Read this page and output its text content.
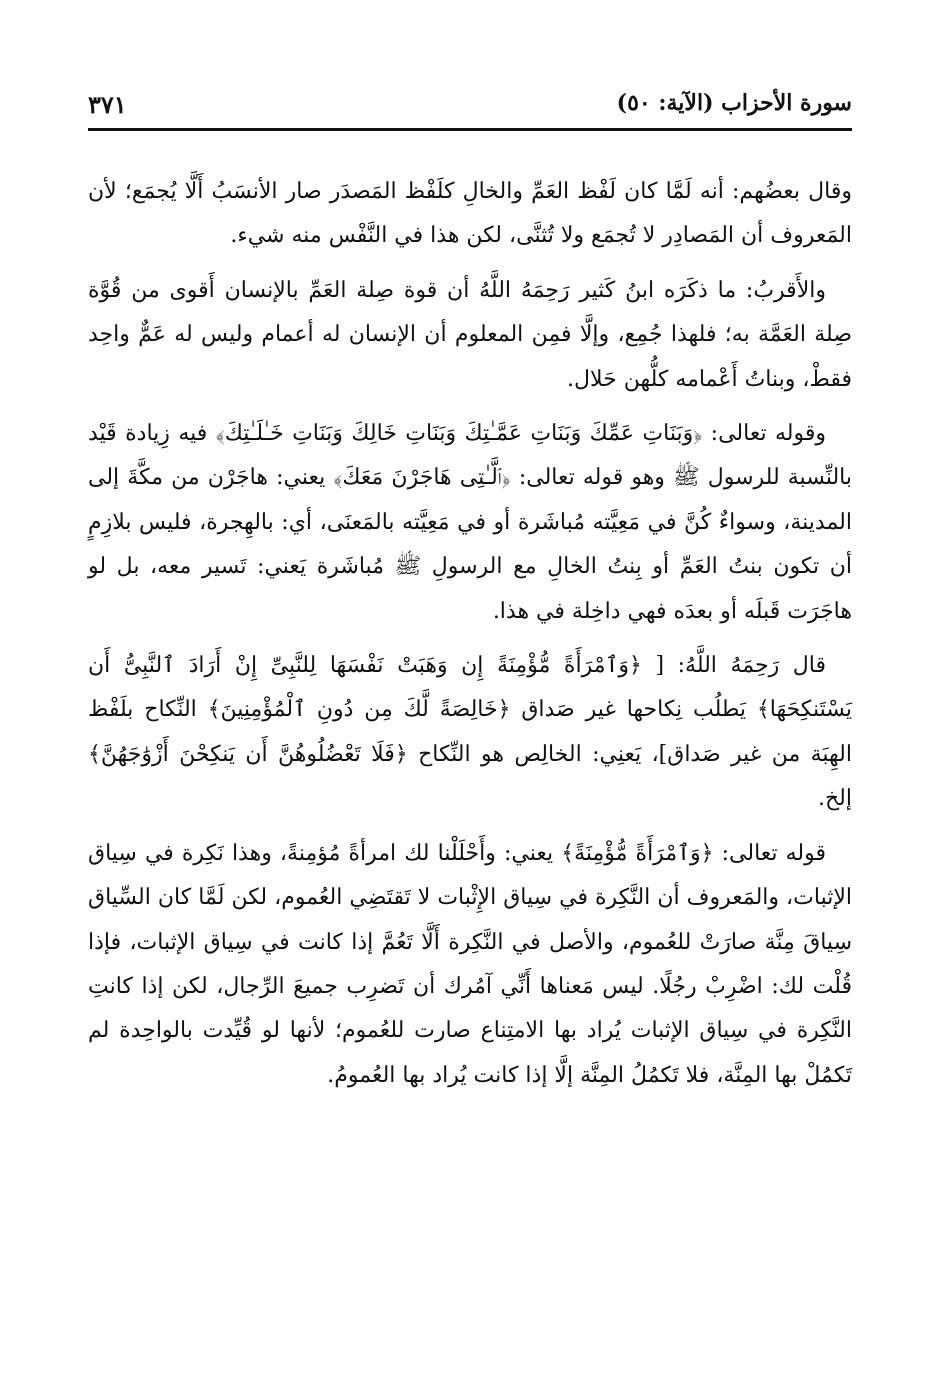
سورة الأحزاب (الآية: ٥٠)
٣٧١

وقال بعضُهم: أنه لَمَّا كان لَفْظ العَمِّ والخالِ كلَفْظ المَصدَر صار الأنسَبُ أَلَّا يُجمَع؛ لأن المَعروف أن المَصادِر لا تُجمَع ولا تُثنَّى، لكن هذا في النَّفْس منه شيء.

والأَقربُ: ما ذكَرَه ابنُ كَثير رَحِمَهُ اللَّهُ أن قوة صِلة العَمِّ بالإنسان أَقوى من قُوَّة صِلة العَمَّة به؛ فلهذا جُمِع، وإلَّا فمِن المعلوم أن الإنسان له أعمام وليس له عَمٌّ واحِد فقطْ، وبناتُ أَعْمامه كلُّهن حَلال.

وقوله تعالى: ﴿وَبَنَاتِ عَمِّكَ وَبَنَاتِ عَمَّـٰتِكَ وَبَنَاتِ خَالِكَ وَبَنَاتِ خَـٰلَـٰتِكَ﴾ فيه زِيادة قَيْد بالنِّسبة للرسول ﷺ وهو قوله تعالى: ﴿ٱلَّـٰتِى هَاجَرْنَ مَعَكَ﴾ يعني: هاجَرْن من مكَّةَ إلى المدينة، وسواءٌ كُنَّ في مَعِيَّته مُباشَرة أو في مَعِيَّته بالمَعنَى، أي: بالهِجرة، فليس بلازِمٍ أن تكون بنتُ العَمِّ أو بِنتُ الخالِ مع الرسولِ ﷺ مُباشَرة يَعني: تَسير معه، بل لو هاجَرَت قَبلَه أو بعدَه فهي داخِلة في هذا.

قال رَحِمَهُ اللَّهُ: [ ﴿وَٱمْرَأَةً مُّؤْمِنَةً إِن وَهَبَتْ نَفْسَهَا لِلنَّبِىِّ إِنْ أَرَادَ ٱلنَّبِىُّ أَن يَسْتَنكِحَهَا﴾ يَطلُب نِكاحها غير صَداق ﴿خَالِصَةً لَّكَ مِن دُونِ ٱلْمُؤْمِنِينَ﴾ النِّكاح بلَفْظ الهِبَة من غير صَداق]، يَعنِي: الخالِص هو النِّكاح ﴿فَلَا تَعْضُلُوهُنَّ أَن يَنكِحْنَ أَزْوَٰجَهُنَّ﴾ إلخ.

قوله تعالى: ﴿وَٱمْرَأَةً مُّؤْمِنَةً﴾ يعني: وأَحْلَلْنا لك امرأةً مُؤمِنةً، وهذا نَكِرة في سِياق الإثبات، والمَعروف أن النَّكِرة في سِياق الإِثْبات لا تَقتَضِي العُموم، لكن لَمَّا كان السِّياق سِياقَ مِنَّة صارَتْ للعُموم، والأصل في النَّكِرة أَلَّا تَعُمَّ إذا كانت في سِياق الإثبات، فإذا قُلْت لك: اضْرِبْ رجُلًا. ليس مَعناها أَنِّي آمُرك أن تَضرِب جميعَ الرِّجال، لكن إذا كانتِ النَّكِرة في سِياق الإثبات يُراد بها الامتِناع صارت للعُموم؛ لأنها لو قُيِّدت بالواحِدة لم تَكمُلْ بها المِنَّة، فلا تَكمُلُ المِنَّة إلَّا إذا كانت يُراد بها العُمومُ.
